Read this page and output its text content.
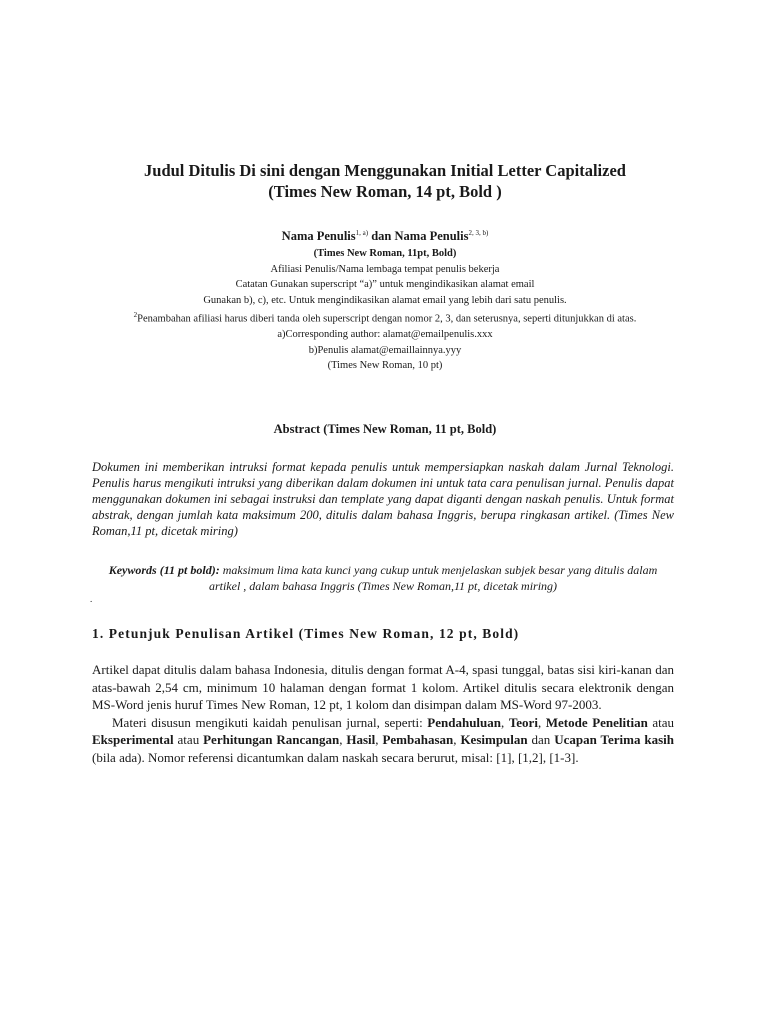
Judul Ditulis Di sini dengan Menggunakan Initial Letter Capitalized
(Times New Roman, 14 pt, Bold )
Nama Penulis$^{1, a)}$ dan Nama Penulis$^{2, 3, b)}$
(Times New Roman, 11pt, Bold)
Afiliasi Penulis/Nama lembaga tempat penulis bekerja
Catatan Gunakan superscript “a)” untuk mengindikasikan alamat email
Gunakan b), c), etc. Untuk mengindikasikan alamat email yang lebih dari satu penulis.
$^2$Penambahan afiliasi harus diberi tanda oleh superscript dengan nomor 2, 3, dan seterusnya, seperti ditunjukkan di atas.
a)Corresponding author: alamat@emailpenulis.xxx
b)Penulis alamat@emaillainnya.yyy
(Times New Roman, 10 pt)
Abstract (Times New Roman, 11 pt, Bold)
Dokumen ini memberikan intruksi format kepada penulis untuk mempersiapkan naskah dalam Jurnal Teknologi. Penulis harus mengikuti intruksi yang diberikan dalam dokumen ini untuk tata cara penulisan jurnal. Penulis dapat menggunakan dokumen ini sebagai instruksi dan template yang dapat diganti dengan naskah penulis. Untuk format abstrak, dengan jumlah kata maksimum 200, ditulis dalam bahasa Inggris, berupa ringkasan artikel. (Times New Roman,11 pt, dicetak miring)
Keywords (11 pt bold): maksimum lima kata kunci yang cukup untuk menjelaskan subjek besar yang ditulis dalam artikel , dalam bahasa Inggris (Times New Roman,11 pt, dicetak miring)
.
1. Petunjuk Penulisan Artikel (Times New Roman, 12 pt, Bold)

Artikel dapat ditulis dalam bahasa Indonesia, ditulis dengan format A-4, spasi tunggal, batas sisi kiri-kanan dan atas-bawah 2,54 cm, minimum 10 halaman dengan format 1 kolom. Artikel ditulis secara elektronik dengan MS-Word jenis huruf Times New Roman, 12 pt, 1 kolom dan disimpan dalam MS-Word 97-2003.

Materi disusun mengikuti kaidah penulisan jurnal, seperti: Pendahuluan, Teori, Metode Penelitian atau Eksperimental atau Perhitungan Rancangan, Hasil, Pembahasan, Kesimpulan dan Ucapan Terima kasih (bila ada). Nomor referensi dicantumkan dalam naskah secara berurut, misal: [1], [1,2], [1-3].
